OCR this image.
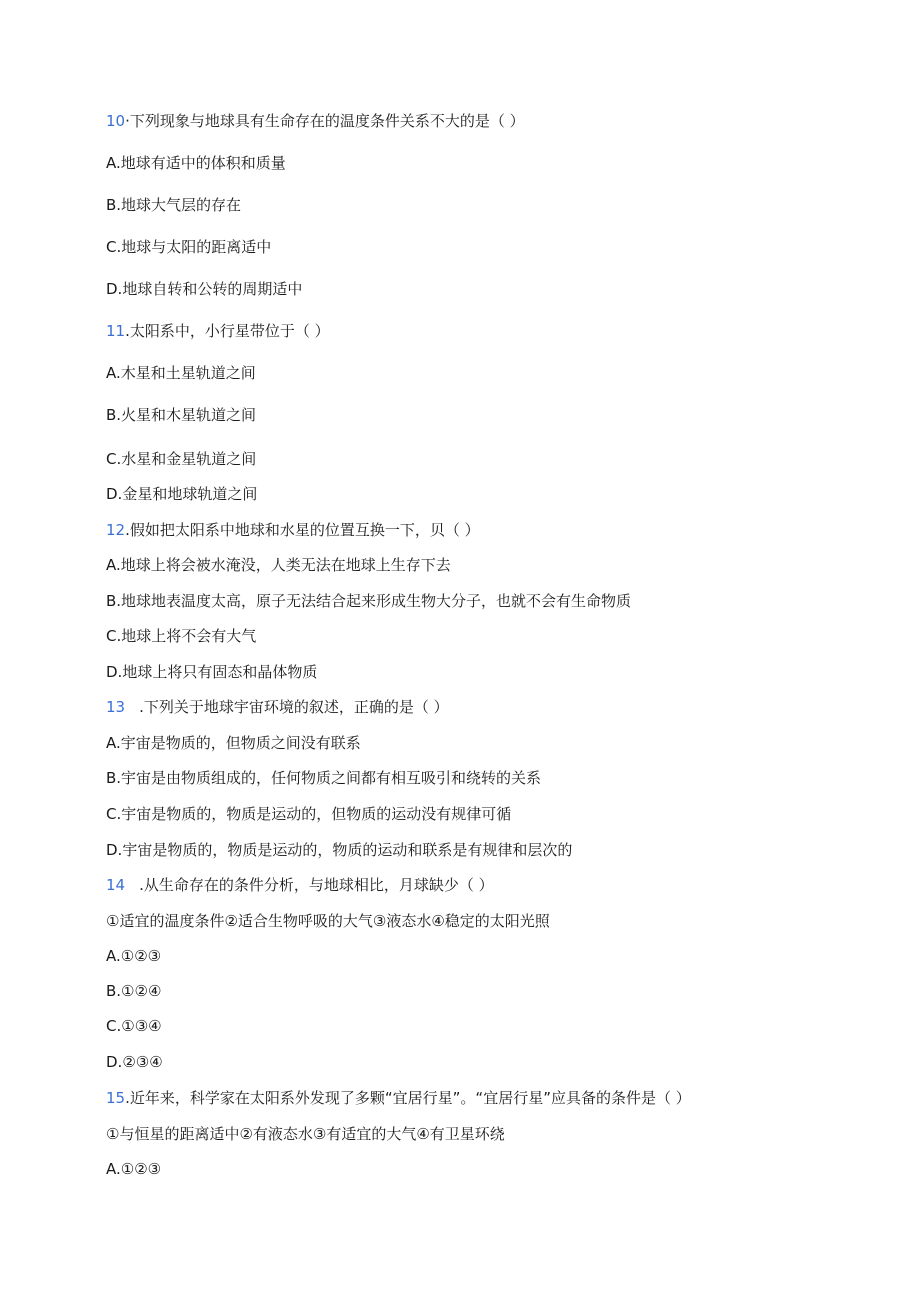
10·下列现象与地球具有生命存在的温度条件关系不大的是（ ）
A.地球有适中的体积和质量
B.地球大气层的存在
C.地球与太阳的距离适中
D.地球自转和公转的周期适中
11.太阳系中，小行星带位于（ ）
A.木星和土星轨道之间
B.火星和木星轨道之间
C.水星和金星轨道之间
D.金星和地球轨道之间
12.假如把太阳系中地球和水星的位置互换一下，贝（ ）
A.地球上将会被水淹没，人类无法在地球上生存下去
B.地球地表温度太高，原子无法结合起来形成生物大分子，也就不会有生命物质
C.地球上将不会有大气
D.地球上将只有固态和晶体物质
13 .下列关于地球宇宙环境的叙述，正确的是（ ）
A.宇宙是物质的，但物质之间没有联系
B.宇宙是由物质组成的，任何物质之间都有相互吸引和绕转的关系
C.宇宙是物质的，物质是运动的，但物质的运动没有规律可循
D.宇宙是物质的，物质是运动的，物质的运动和联系是有规律和层次的
14 .从生命存在的条件分析，与地球相比，月球缺少（ ）
①适宜的温度条件②适合生物呼吸的大气③液态水④稳定的太阳光照
A.①②③
B.①②④
C.①③④
D.②③④
15.近年来，科学家在太阳系外发现了多颗“宜居行星”。“宜居行星”应具备的条件是（ ）
①与恒星的距离适中②有液态水③有适宜的大气④有卫星环绕
A.①②③
